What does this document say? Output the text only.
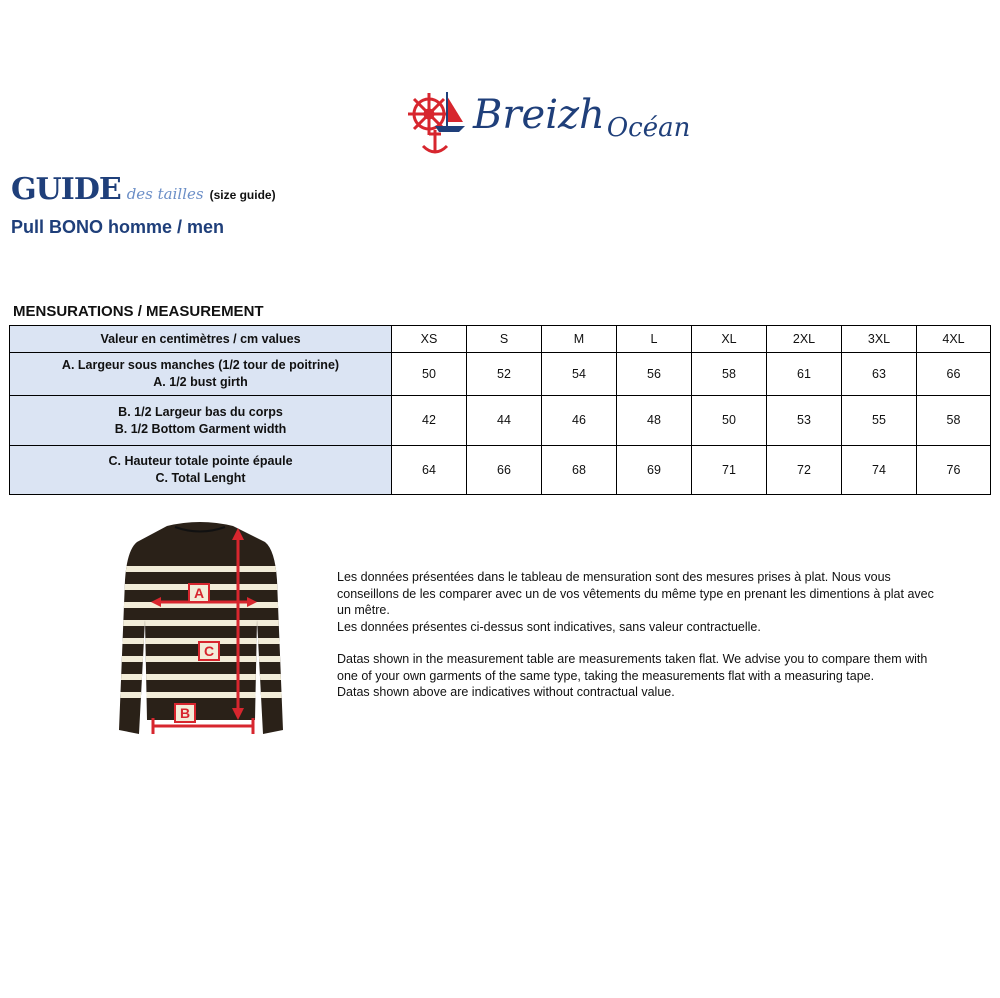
BreizhOcéan
GUIDE des tailles (size guide)
Pull BONO homme / men
MENSURATIONS / MEASUREMENT
Valeur en centimètres / cm values	XS	S	M	L	XL	2XL	3XL	4XL

A. Largeur sous manches (1/2 tour de poitrine)
A. 1/2 bust girth	50	52	54	56	58	61	63	66

B. 1/2 Largeur bas du corps
B. 1/2 Bottom Garment width	42	44	46	48	50	53	55	58

C. Hauteur totale pointe épaule
C. Total Lenght	64	66	68	69	71	72	74	76
A
C
B

Les données présentées dans le tableau de mensuration sont des mesures prises à plat. Nous vous conseillons de les comparer avec un de vos vêtements du même type en prenant les dimentions à plat avec un mêtre.
Les données présentes ci-dessus sont indicatives, sans valeur contractuelle.

Datas shown in the measurement table are measurements taken flat. We advise you to compare them with one of your own garments of the same type, taking the measurements flat with a measuring tape.
Datas shown above are indicatives without contractual value.
